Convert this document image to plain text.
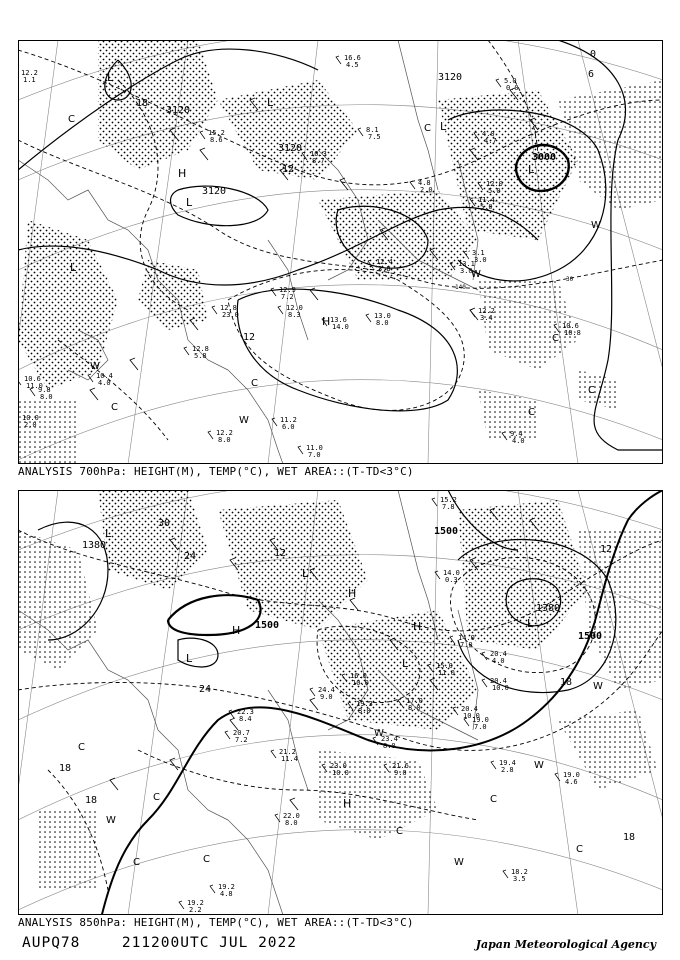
L
L
L
L
L
L
H
H
C
C
C
C
C
C
C
W
W
W
W
3120
3120
3120
3120
3000
18
12
12
0
6
140
30
12.2
1.1
15.2
8.6
16.6
4.5
10.3
8.7
8.1
7.5
4.8
2.0
12.9
7.2
12.0
8.3
13.6
14.0
13.0
8.0
12.2
3.4
10.6
10.8
9.4
4.0
11.2
6.0
12.2
8.0
11.0
7.0
10.4
4.0
10.6
11.0
9.8
8.0
10.0
2.0
12.8
5.8
12.4
3.8
13.1
3.0
12.0
5.0
11.4
5.0
12.8
23.0
5.0
0.0
4.0
4.7
3.1
3.0
ANALYSIS 700hPa: HEIGHT(M), TEMP(°C), WET AREA::(T-TD<3°C)
L
L
L	L
L
H
H
H
H
C
C	C
C
C
C
C
W
W
W
W
W
1500
1500
1500
1380
1380
30
24
24
12
12
18
18
18
18
19.0
4.6
18.2
3.5
23.4
8.0
21.6
9.0
23.0
10.0
20.4
10.0
19.0
7.0
22.3
8.4
20.7
7.2
21.2
11.4
22.0
8.0
19.2
4.8
19.2
2.2
20.4
10.0
19.4
2.8
15.2
7.8
14.0
0.3
24.4
9.0
20.4
4.0
19.3
8.0
17.0
8.0
15.0
11.0
14.0
7.0
16.0
10.0
ANALYSIS 850hPa: HEIGHT(M), TEMP(°C), WET AREA::(T-TD<3°C)
AUPQ78	211200UTC JUL 2022	Japan Meteorological Agency
